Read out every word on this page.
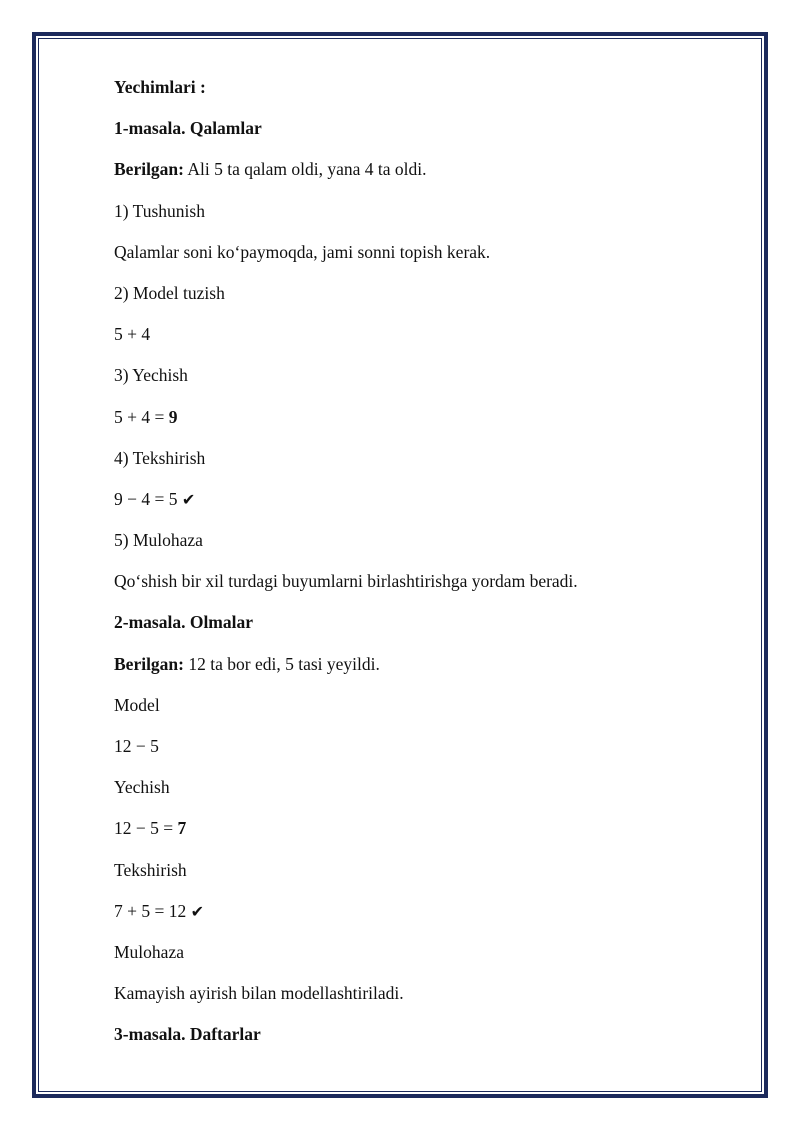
Yechimlari :
1-masala. Qalamlar
Berilgan: Ali 5 ta qalam oldi, yana 4 ta oldi.
1) Tushunish
Qalamlar soni koʻpaymoqda, jami sonni topish kerak.
2) Model tuzish
5 + 4
3) Yechish
5 + 4 = 9
4) Tekshirish
9 − 4 = 5 ✔
5) Mulohaza
Qoʻshish bir xil turdagi buyumlarni birlashtirishga yordam beradi.
2-masala. Olmalar
Berilgan: 12 ta bor edi, 5 tasi yeyildi.
Model
12 − 5
Yechish
12 − 5 = 7
Tekshirish
7 + 5 = 12 ✔
Mulohaza
Kamayish ayirish bilan modellashtiriladi.
3-masala. Daftarlar
